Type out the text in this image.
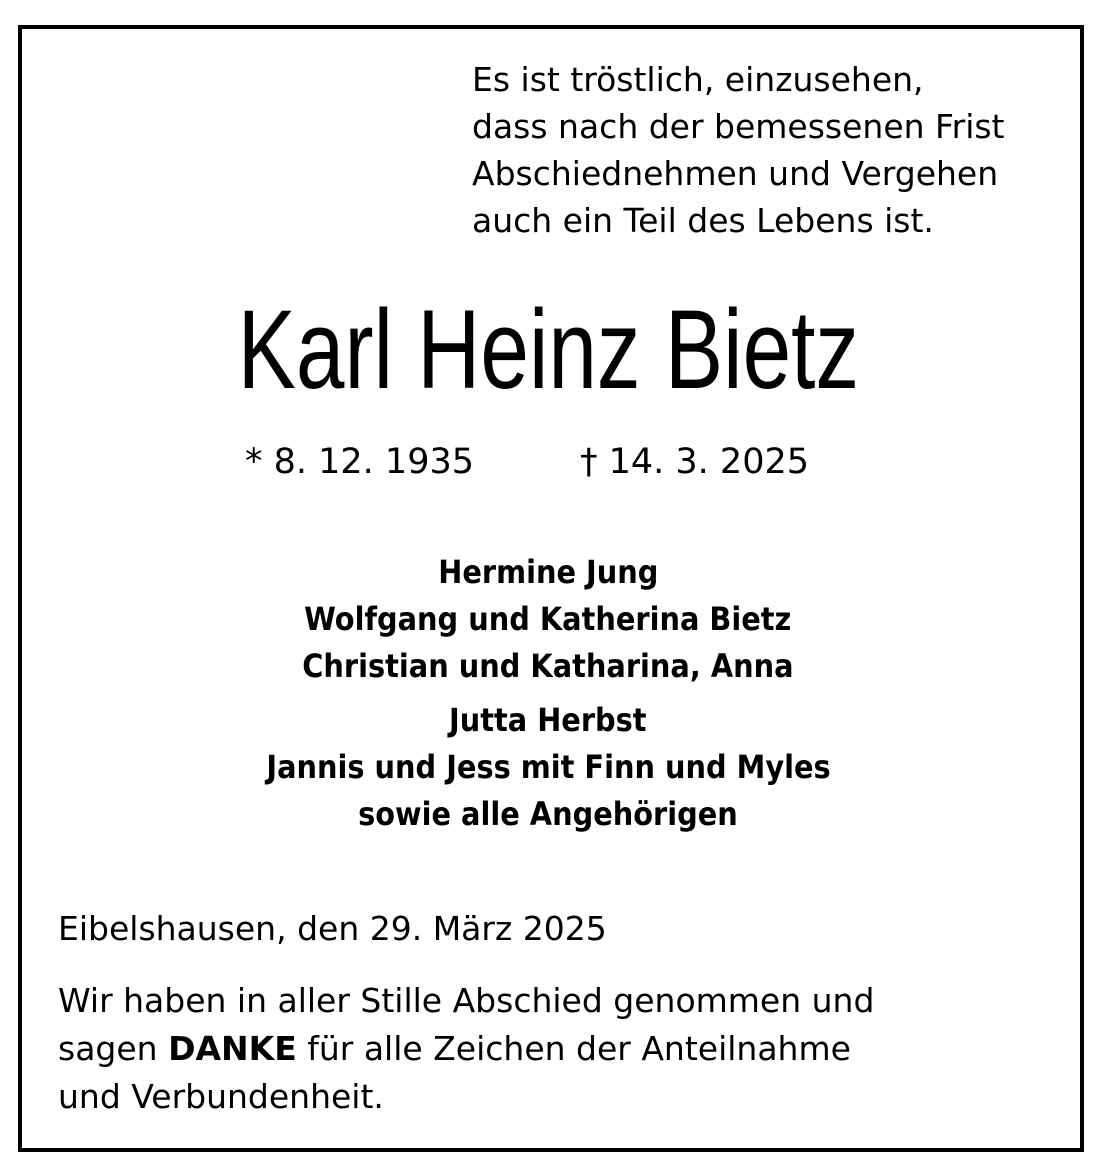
Es ist tröstlich, einzusehen,
dass nach der bemessenen Frist
Abschiednehmen und Vergehen
auch ein Teil des Lebens ist.
Karl Heinz Bietz
* 8. 12. 1935	† 14. 3. 2025
Hermine Jung
Wolfgang und Katherina Bietz
Christian und Katharina, Anna
Jutta Herbst
Jannis und Jess mit Finn und Myles
sowie alle Angehörigen
Eibelshausen, den 29. März 2025
Wir haben in aller Stille Abschied genommen und
sagen DANKE für alle Zeichen der Anteilnahme
und Verbundenheit.
